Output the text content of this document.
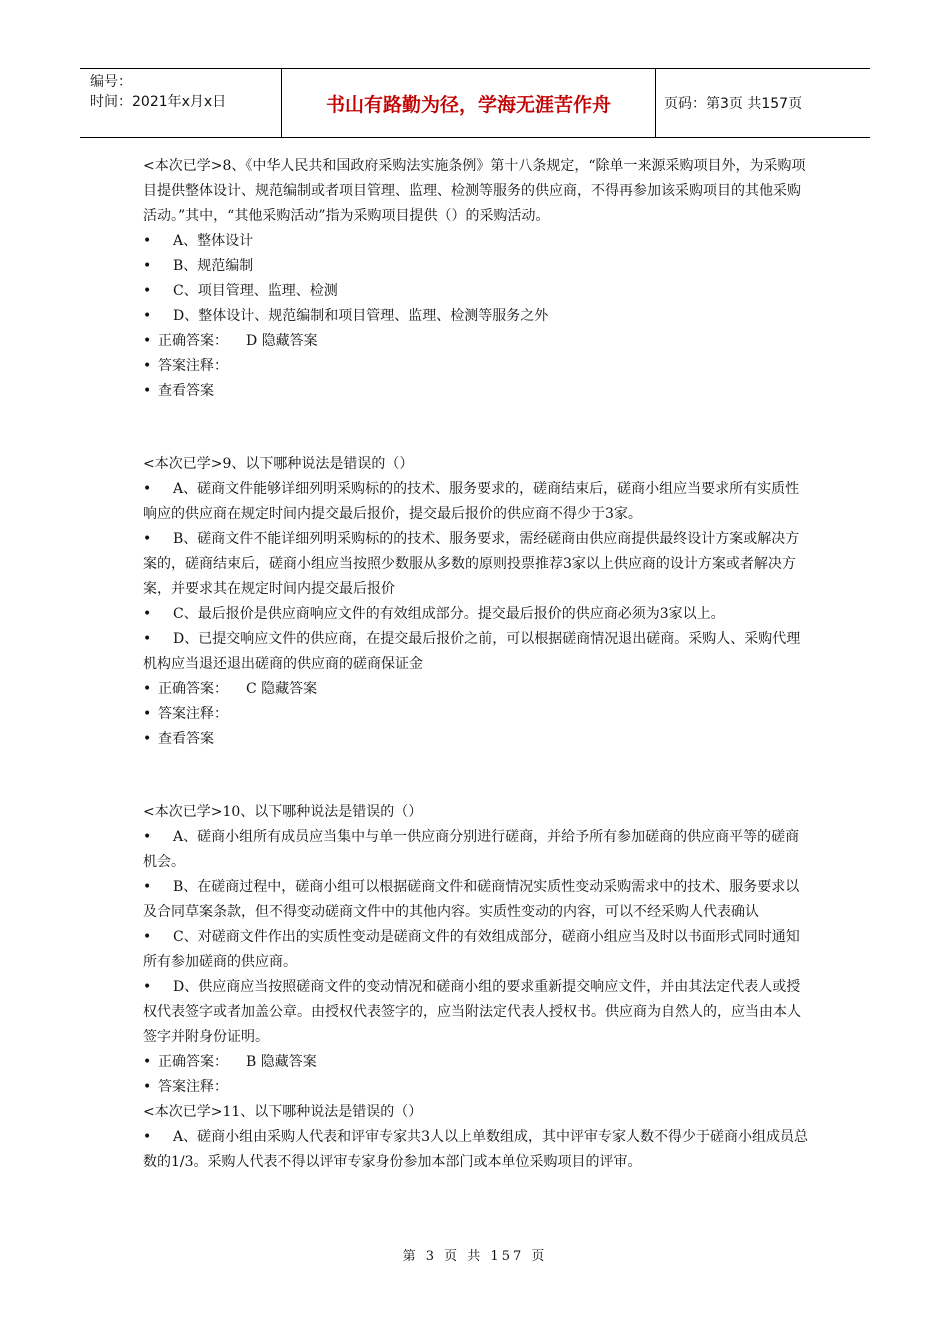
编号：
时间：2021年x月x日	书山有路勤为径，学海无涯苦作舟	页码：第3页 共157页

<本次已学>8、《中华人民共和国政府采购法实施条例》第十八条规定，“除单一来源采购项目外，为采购项目提供整体设计、规范编制或者项目管理、监理、检测等服务的供应商，不得再参加该采购项目的其他采购活动。”其中，“其他采购活动”指为采购项目提供（）的采购活动。

• A、整体设计

• B、规范编制

• C、项目管理、监理、检测

• D、整体设计、规范编制和项目管理、监理、检测等服务之外

• 正确答案： D 隐藏答案

• 答案注释：

• 查看答案

<本次已学>9、以下哪种说法是错误的（）

• A、磋商文件能够详细列明采购标的的技术、服务要求的，磋商结束后，磋商小组应当要求所有实质性响应的供应商在规定时间内提交最后报价，提交最后报价的供应商不得少于3家。

• B、磋商文件不能详细列明采购标的的技术、服务要求，需经磋商由供应商提供最终设计方案或解决方案的，磋商结束后，磋商小组应当按照少数服从多数的原则投票推荐3家以上供应商的设计方案或者解决方案，并要求其在规定时间内提交最后报价

• C、最后报价是供应商响应文件的有效组成部分。提交最后报价的供应商必须为3家以上。

• D、已提交响应文件的供应商，在提交最后报价之前，可以根据磋商情况退出磋商。采购人、采购代理机构应当退还退出磋商的供应商的磋商保证金

• 正确答案： C 隐藏答案

• 答案注释：

• 查看答案

<本次已学>10、以下哪种说法是错误的（）

• A、磋商小组所有成员应当集中与单一供应商分别进行磋商，并给予所有参加磋商的供应商平等的磋商机会。

• B、在磋商过程中，磋商小组可以根据磋商文件和磋商情况实质性变动采购需求中的技术、服务要求以及合同草案条款，但不得变动磋商文件中的其他内容。实质性变动的内容，可以不经采购人代表确认

• C、对磋商文件作出的实质性变动是磋商文件的有效组成部分，磋商小组应当及时以书面形式同时通知所有参加磋商的供应商。

• D、供应商应当按照磋商文件的变动情况和磋商小组的要求重新提交响应文件，并由其法定代表人或授权代表签字或者加盖公章。由授权代表签字的，应当附法定代表人授权书。供应商为自然人的，应当由本人签字并附身份证明。

• 正确答案： B 隐藏答案

• 答案注释：

<本次已学>11、以下哪种说法是错误的（）

• A、磋商小组由采购人代表和评审专家共3人以上单数组成，其中评审专家人数不得少于磋商小组成员总数的1/3。采购人代表不得以评审专家身份参加本部门或本单位采购项目的评审。

第 3 页 共 157 页
